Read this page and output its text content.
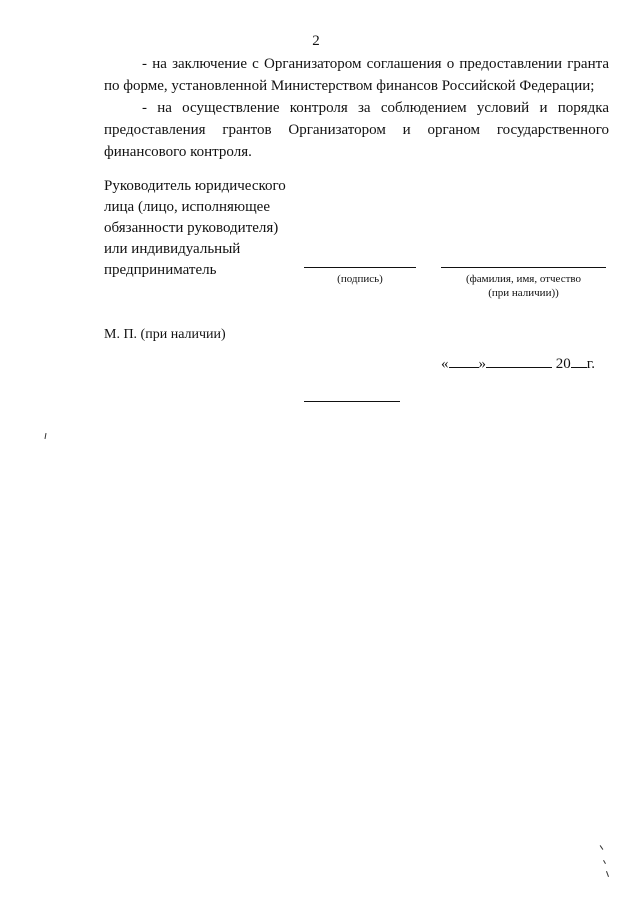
2

- на заключение с Организатором соглашения о предоставлении гранта по форме, установленной Министерством финансов Российской Федерации;

- на осуществление контроля за соблюдением условий и порядка предоставления грантов Организатором и органом государственного финансового контроля.

Руководитель юридического
лица (лицо, исполняющее
обязанности руководителя)
или индивидуальный
предприниматель
(подпись)	(фамилия, имя, отчество
(при наличии))
М. П. (при наличии)
« »	20 г.
